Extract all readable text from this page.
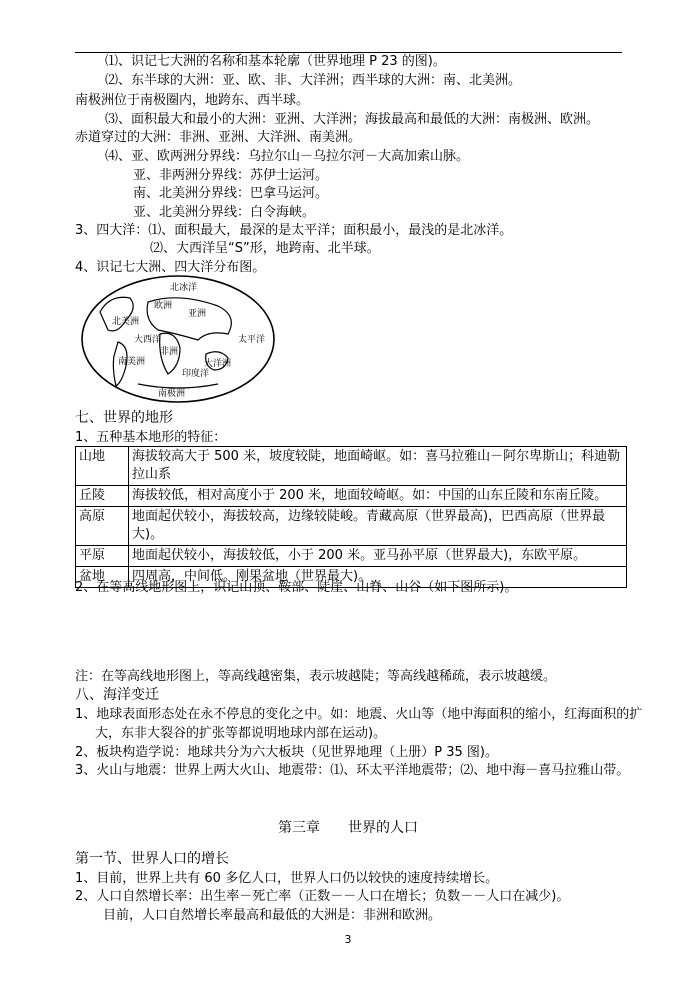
⑴、识记七大洲的名称和基本轮廓（世界地理 P 23 的图)。
⑵、东半球的大洲：亚、欧、非、大洋洲；西半球的大洲：南、北美洲。
南极洲位于南极圈内，地跨东、西半球。
⑶、面积最大和最小的大洲：亚洲、大洋洲；海拔最高和最低的大洲：南极洲、欧洲。
赤道穿过的大洲：非洲、亚洲、大洋洲、南美洲。
⑷、亚、欧两洲分界线：乌拉尔山－乌拉尔河－大高加索山脉。
亚、非两洲分界线：苏伊士运河。
南、北美洲分界线：巴拿马运河。
亚、北美洲分界线：白令海峡。
3、四大洋：⑴、面积最大，最深的是太平洋；面积最小，最浅的是北冰洋。
⑵、大西洋呈“S”形，地跨南、北半球。
4、识记七大洲、四大洋分布图。
北美洲
南美洲
非洲
亚洲
欧洲
大洋洲
南极洲
大西洋	太平洋
印度洋
北冰洋
七、世界的地形
1、五种基本地形的特征：
山地	海拔较高大于 500 米，坡度较陡，地面崎岖。如：喜马拉雅山－阿尔卑斯山；科迪勒拉山系
丘陵	海拔较低，相对高度小于 200 米，地面较崎岖。如：中国的山东丘陵和东南丘陵。
高原	地面起伏较小，海拔较高，边缘较陡峻。青藏高原（世界最高)，巴西高原（世界最大)。
平原	地面起伏较小，海拔较低，小于 200 米。亚马孙平原（世界最大)，东欧平原。
盆地	四周高，中间低。刚果盆地（世界最大)。
2、在等高线地形图上，识记山顶、鞍部、陡崖、山脊、山谷（如下图所示)。
注：在等高线地形图上，等高线越密集，表示坡越陡；等高线越稀疏，表示坡越缓。
八、海洋变迁
1、地球表面形态处在永不停息的变化之中。如：地震、火山等（地中海面积的缩小，红海面积的扩大，东非大裂谷的扩张等都说明地球内部在运动)。
2、板块构造学说：地球共分为六大板块（见世界地理（上册）P 35 图)。
3、火山与地震：世界上两大火山、地震带：⑴、环太平洋地震带；⑵、地中海－喜马拉雅山带。
第三章 世界的人口
第一节、世界人口的增长
1、目前，世界上共有 60 多亿人口，世界人口仍以较快的速度持续增长。
2、人口自然增长率：出生率－死亡率（正数－－人口在增长；负数－－人口在减少)。
目前，人口自然增长率最高和最低的大洲是：非洲和欧洲。
3
